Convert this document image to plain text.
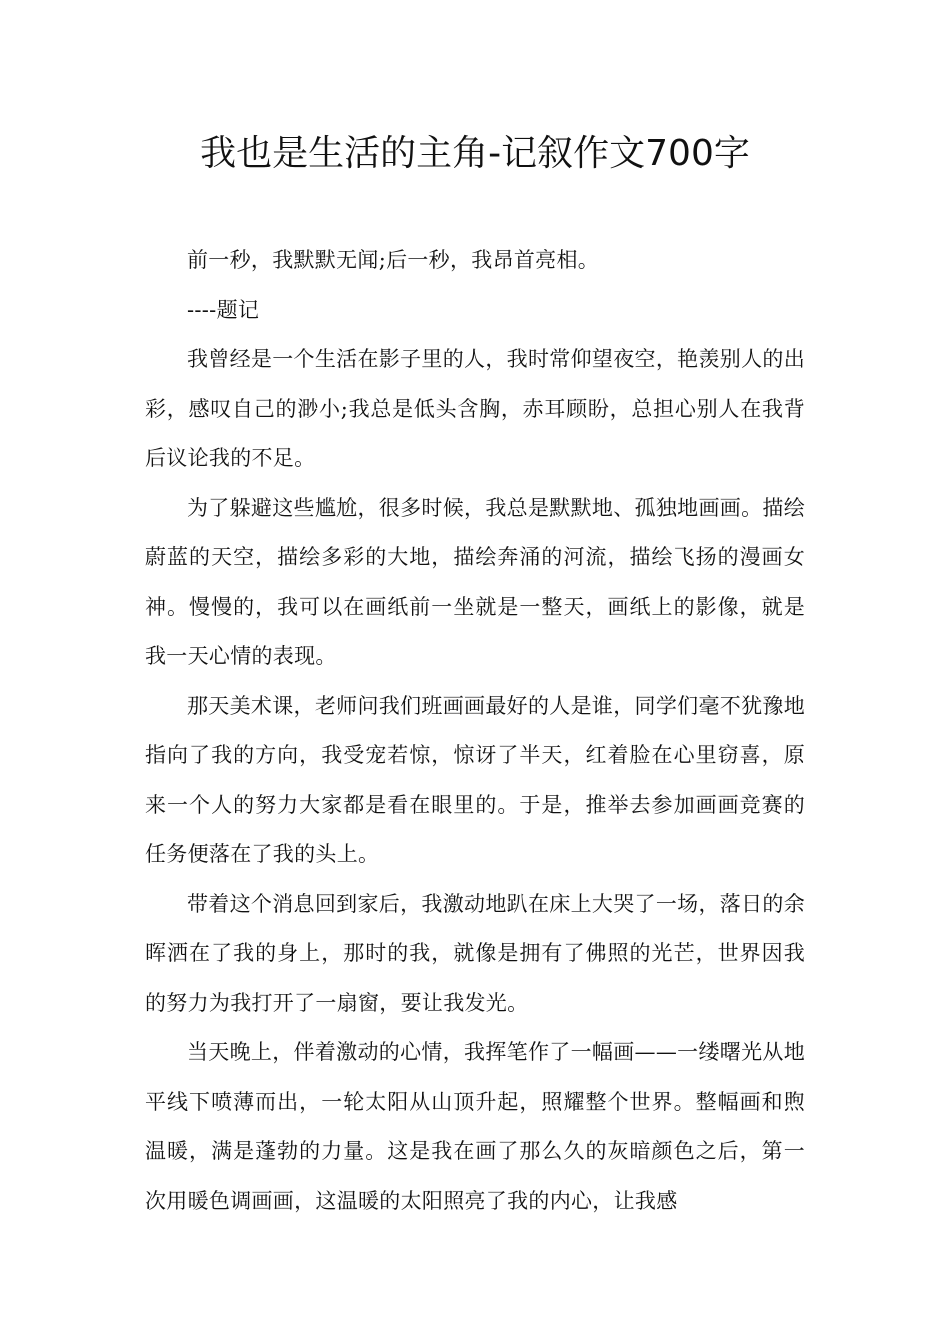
我也是生活的主角-记叙作文700字

前一秒，我默默无闻;后一秒，我昂首亮相。

----题记

我曾经是一个生活在影子里的人，我时常仰望夜空，艳羡别人的出彩，感叹自己的渺小;我总是低头含胸，赤耳顾盼，总担心别人在我背后议论我的不足。

为了躲避这些尴尬，很多时候，我总是默默地、孤独地画画。描绘蔚蓝的天空，描绘多彩的大地，描绘奔涌的河流，描绘飞扬的漫画女神。慢慢的，我可以在画纸前一坐就是一整天，画纸上的影像，就是我一天心情的表现。

那天美术课，老师问我们班画画最好的人是谁，同学们毫不犹豫地指向了我的方向，我受宠若惊，惊讶了半天，红着脸在心里窃喜，原来一个人的努力大家都是看在眼里的。于是，推举去参加画画竞赛的任务便落在了我的头上。

带着这个消息回到家后，我激动地趴在床上大哭了一场，落日的余晖洒在了我的身上，那时的我，就像是拥有了佛照的光芒，世界因我的努力为我打开了一扇窗，要让我发光。

当天晚上，伴着激动的心情，我挥笔作了一幅画——一缕曙光从地平线下喷薄而出，一轮太阳从山顶升起，照耀整个世界。整幅画和煦温暖，满是蓬勃的力量。这是我在画了那么久的灰暗颜色之后，第一次用暖色调画画，这温暖的太阳照亮了我的内心，让我感
